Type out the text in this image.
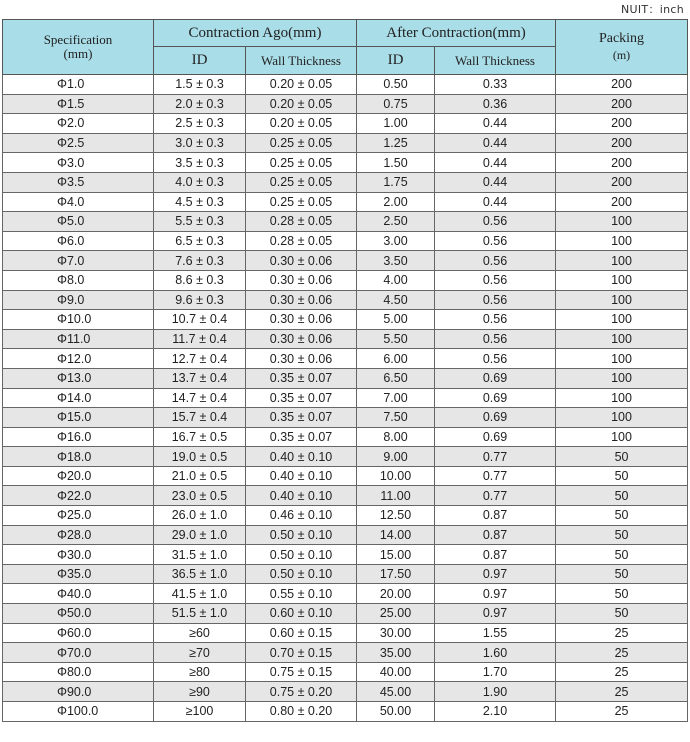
NUIT：inch
Specification
(mm)	Contraction Ago(mm)		After Contraction(mm)		Packing
(m)

	ID	Wall Thickness	ID	Wall Thickness	
Φ1.0	1.5 ± 0.3	0.20 ± 0.05	0.50	0.33	200
Φ1.5	2.0 ± 0.3	0.20 ± 0.05	0.75	0.36	200
Φ2.0	2.5 ± 0.3	0.20 ± 0.05	1.00	0.44	200
Φ2.5	3.0 ± 0.3	0.25 ± 0.05	1.25	0.44	200
Φ3.0	3.5 ± 0.3	0.25 ± 0.05	1.50	0.44	200
Φ3.5	4.0 ± 0.3	0.25 ± 0.05	1.75	0.44	200
Φ4.0	4.5 ± 0.3	0.25 ± 0.05	2.00	0.44	200
Φ5.0	5.5 ± 0.3	0.28 ± 0.05	2.50	0.56	100
Φ6.0	6.5 ± 0.3	0.28 ± 0.05	3.00	0.56	100
Φ7.0	7.6 ± 0.3	0.30 ± 0.06	3.50	0.56	100
Φ8.0	8.6 ± 0.3	0.30 ± 0.06	4.00	0.56	100
Φ9.0	9.6 ± 0.3	0.30 ± 0.06	4.50	0.56	100
Φ10.0	10.7 ± 0.4	0.30 ± 0.06	5.00	0.56	100
Φ11.0	11.7 ± 0.4	0.30 ± 0.06	5.50	0.56	100
Φ12.0	12.7 ± 0.4	0.30 ± 0.06	6.00	0.56	100
Φ13.0	13.7 ± 0.4	0.35 ± 0.07	6.50	0.69	100
Φ14.0	14.7 ± 0.4	0.35 ± 0.07	7.00	0.69	100
Φ15.0	15.7 ± 0.4	0.35 ± 0.07	7.50	0.69	100
Φ16.0	16.7 ± 0.5	0.35 ± 0.07	8.00	0.69	100
Φ18.0	19.0 ± 0.5	0.40 ± 0.10	9.00	0.77	50
Φ20.0	21.0 ± 0.5	0.40 ± 0.10	10.00	0.77	50
Φ22.0	23.0 ± 0.5	0.40 ± 0.10	11.00	0.77	50
Φ25.0	26.0 ± 1.0	0.46 ± 0.10	12.50	0.87	50
Φ28.0	29.0 ± 1.0	0.50 ± 0.10	14.00	0.87	50
Φ30.0	31.5 ± 1.0	0.50 ± 0.10	15.00	0.87	50
Φ35.0	36.5 ± 1.0	0.50 ± 0.10	17.50	0.97	50
Φ40.0	41.5 ± 1.0	0.55 ± 0.10	20.00	0.97	50
Φ50.0	51.5 ± 1.0	0.60 ± 0.10	25.00	0.97	50
Φ60.0	≥60	0.60 ± 0.15	30.00	1.55	25
Φ70.0	≥70	0.70 ± 0.15	35.00	1.60	25
Φ80.0	≥80	0.75 ± 0.15	40.00	1.70	25
Φ90.0	≥90	0.75 ± 0.20	45.00	1.90	25
Φ100.0	≥100	0.80 ± 0.20	50.00	2.10	25
